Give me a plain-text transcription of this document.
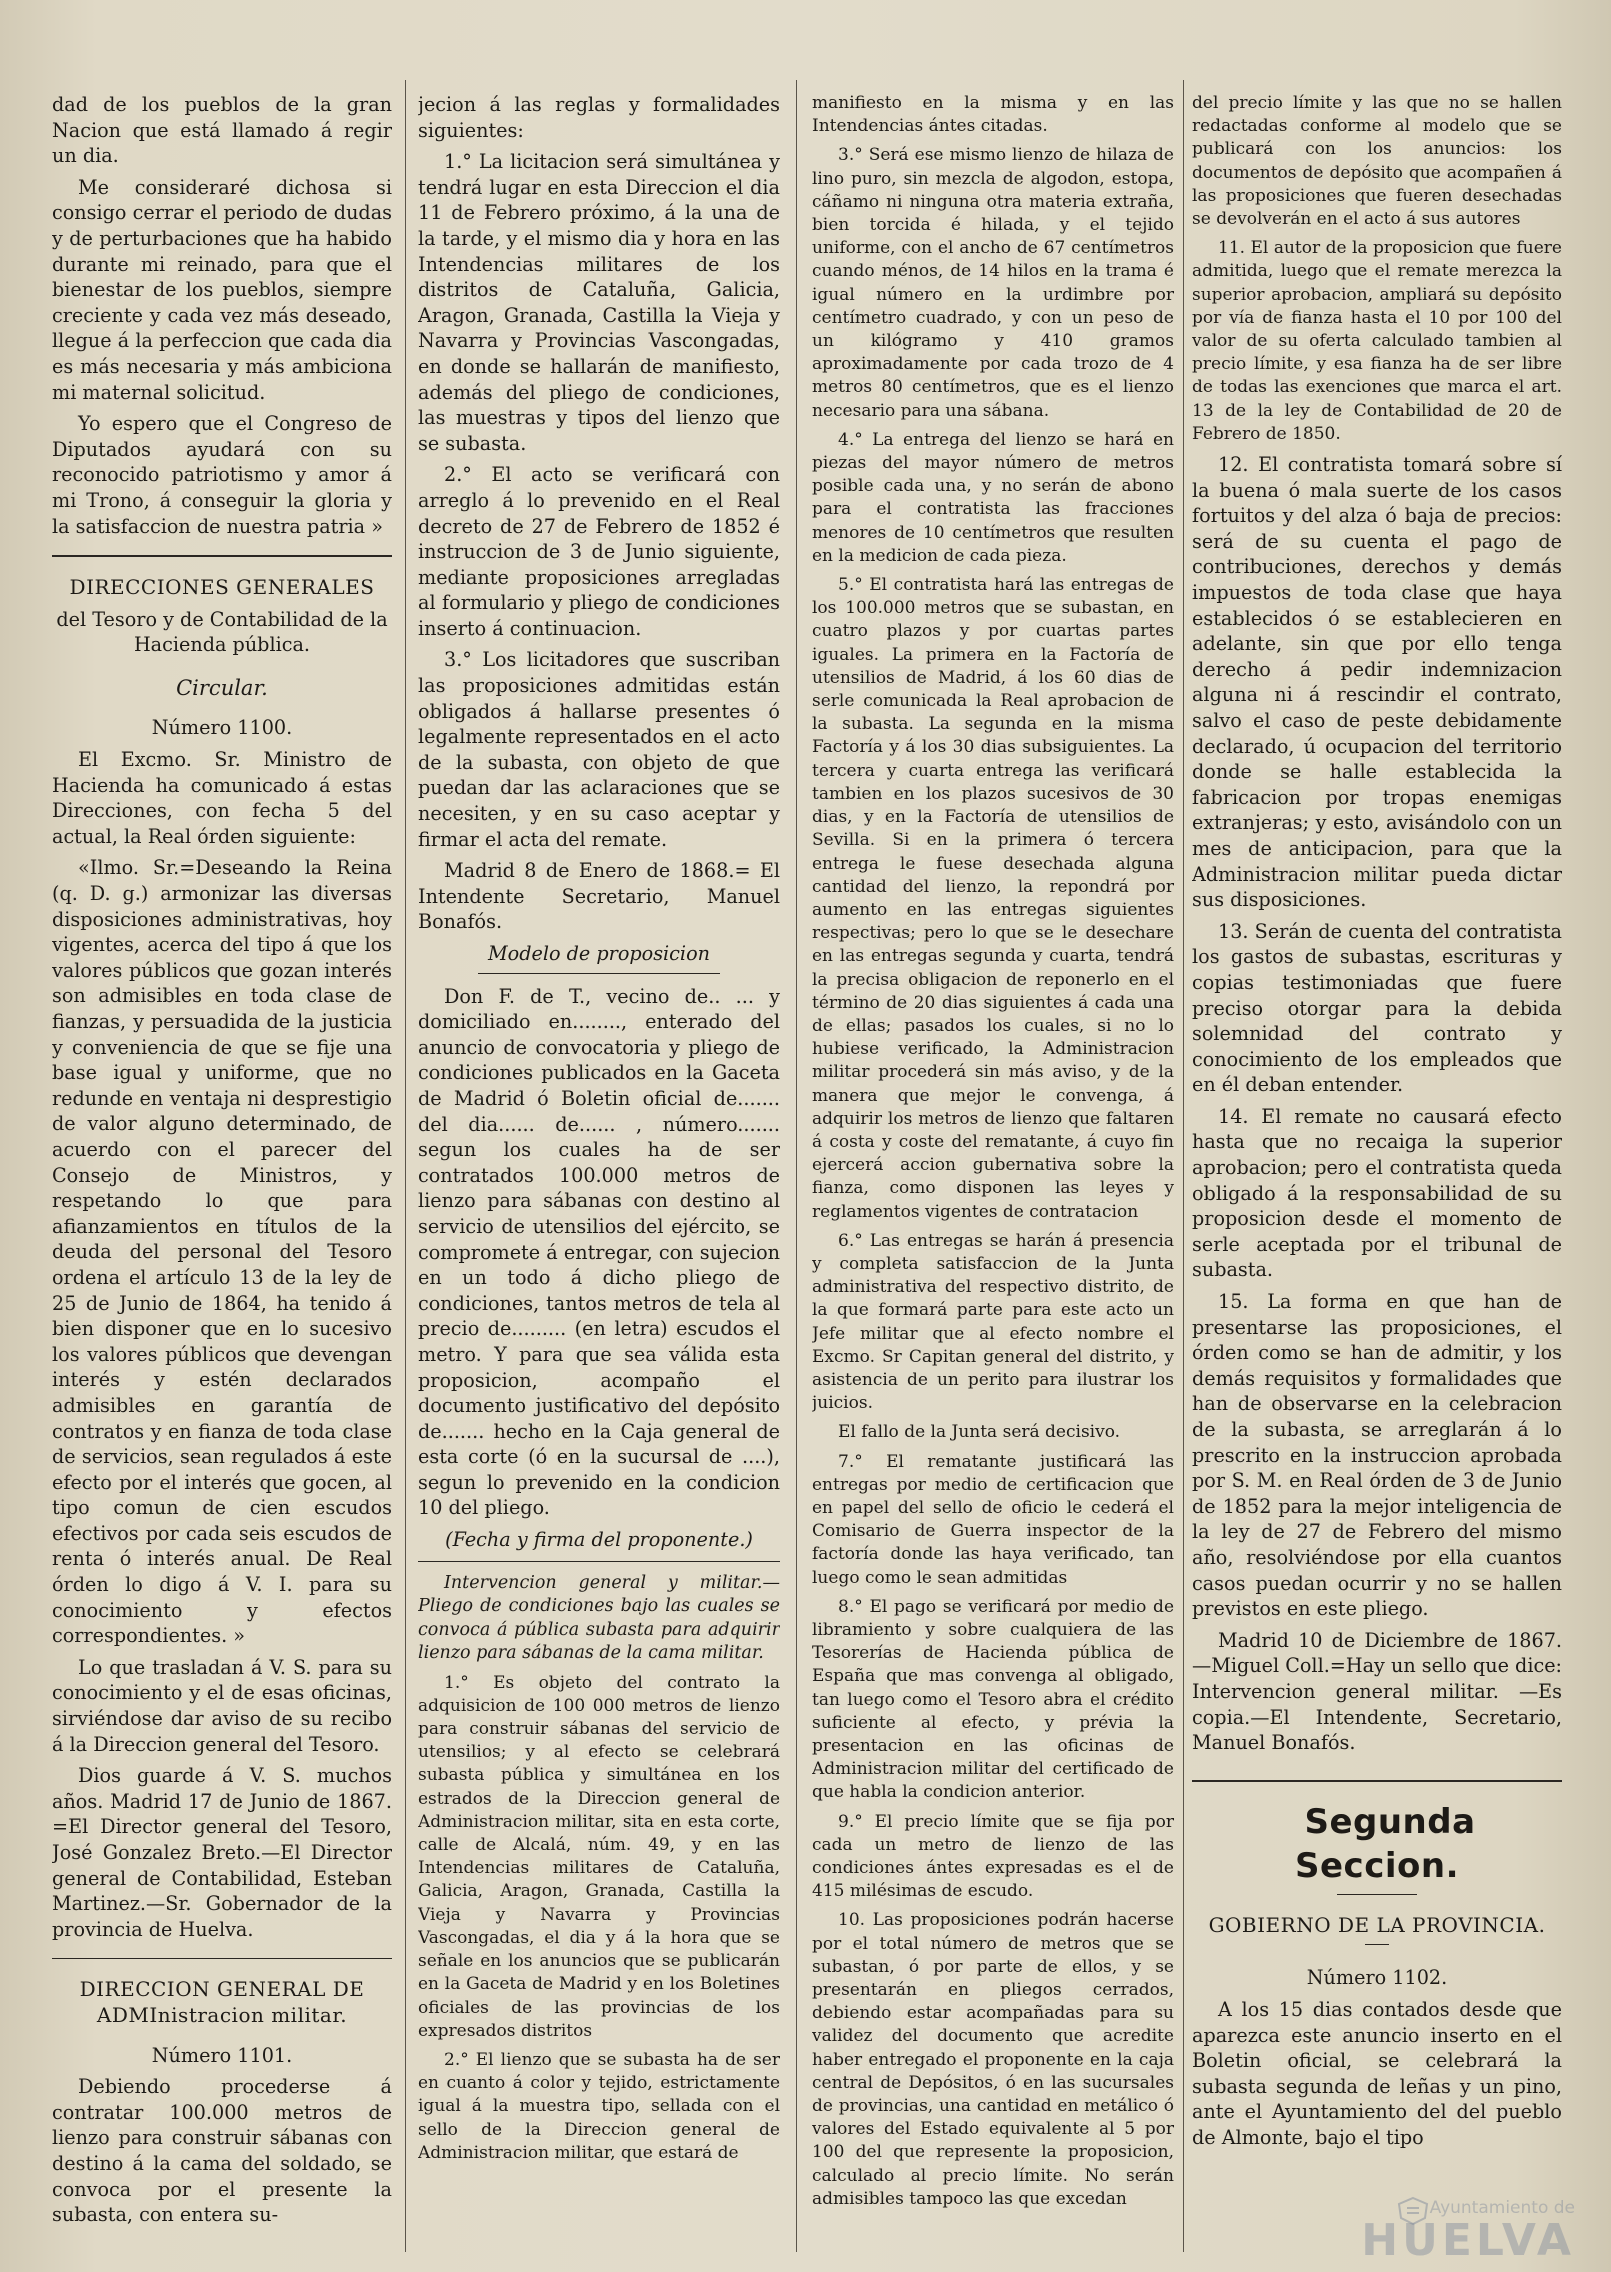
dad de los pueblos de la gran Nacion que está llamado á regir un dia.

Me consideraré dichosa si consigo cerrar el periodo de dudas y de perturbaciones que ha habido durante mi reinado, para que el bienestar de los pueblos, siempre creciente y cada vez más deseado, llegue á la perfeccion que cada dia es más necesaria y más ambiciona mi maternal solicitud.

Yo espero que el Congreso de Diputados ayudará con su reconocido patriotismo y amor á mi Trono, á conseguir la gloria y la satisfaccion de nuestra patria »

DIRECCIONES GENERALES

del Tesoro y de Contabilidad de la Hacienda pública.

Circular.

Número 1100.

El Excmo. Sr. Ministro de Hacienda ha comunicado á estas Direcciones, con fecha 5 del actual, la Real órden siguiente:

«Ilmo. Sr.=Deseando la Reina (q. D. g.) armonizar las diversas disposiciones administrativas, hoy vigentes, acerca del tipo á que los valores públicos que gozan interés son admisibles en toda clase de fianzas, y persuadida de la justicia y conveniencia de que se fije una base igual y uniforme, que no redunde en ventaja ni desprestigio de valor alguno determinado, de acuerdo con el parecer del Consejo de Ministros, y respetando lo que para afianzamientos en títulos de la deuda del personal del Tesoro ordena el artículo 13 de la ley de 25 de Junio de 1864, ha tenido á bien disponer que en lo sucesivo los valores públicos que devengan interés y estén declarados admisibles en garantía de contratos y en fianza de toda clase de servicios, sean regulados á este efecto por el interés que gocen, al tipo comun de cien escudos efectivos por cada seis escudos de renta ó interés anual. De Real órden lo digo á V. I. para su conocimiento y efectos correspondientes. »

Lo que trasladan á V. S. para su conocimiento y el de esas oficinas, sirviéndose dar aviso de su recibo á la Direccion general del Tesoro.

Dios guarde á V. S. muchos años. Madrid 17 de Junio de 1867. =El Director general del Tesoro, José Gonzalez Breto.—El Director general de Contabilidad, Esteban Martinez.—Sr. Gobernador de la provincia de Huelva.

DIRECCION GENERAL DE ADMInistracion militar.

Número 1101.

Debiendo procederse á contratar 100.000 metros de lienzo para construir sábanas con destino á la cama del soldado, se convoca por el presente la subasta, con entera su-

jecion á las reglas y formalidades siguientes:

1.° La licitacion será simultánea y tendrá lugar en esta Direccion el dia 11 de Febrero próximo, á la una de la tarde, y el mismo dia y hora en las Intendencias militares de los distritos de Cataluña, Galicia, Aragon, Granada, Castilla la Vieja y Navarra y Provincias Vascongadas, en donde se hallarán de manifiesto, además del pliego de condiciones, las muestras y tipos del lienzo que se subasta.

2.° El acto se verificará con arreglo á lo prevenido en el Real decreto de 27 de Febrero de 1852 é instruccion de 3 de Junio siguiente, mediante proposiciones arregladas al formulario y pliego de condiciones inserto á continuacion.

3.° Los licitadores que suscriban las proposiciones admitidas están obligados á hallarse presentes ó legalmente representados en el acto de la subasta, con objeto de que puedan dar las aclaraciones que se necesiten, y en su caso aceptar y firmar el acta del remate.

Madrid 8 de Enero de 1868.= El Intendente Secretario, Manuel Bonafós.

Modelo de proposicion

Don F. de T., vecino de.. ... y domiciliado en........, enterado del anuncio de convocatoria y pliego de condiciones publicados en la Gaceta de Madrid ó Boletin oficial de....... del dia...... de...... , número....... segun los cuales ha de ser contratados 100.000 metros de lienzo para sábanas con destino al servicio de utensilios del ejército, se compromete á entregar, con sujecion en un todo á dicho pliego de condiciones, tantos metros de tela al precio de......... (en letra) escudos el metro. Y para que sea válida esta proposicion, acompaño el documento justificativo del depósito de....... hecho en la Caja general de esta corte (ó en la sucursal de ....), segun lo prevenido en la condicion 10 del pliego.

(Fecha y firma del proponente.)

Intervencion general y militar.—Pliego de condiciones bajo las cuales se convoca á pública subasta para adquirir lienzo para sábanas de la cama militar.

1.° Es objeto del contrato la adquisicion de 100 000 metros de lienzo para construir sábanas del servicio de utensilios; y al efecto se celebrará subasta pública y simultánea en los estrados de la Direccion general de Administracion militar, sita en esta corte, calle de Alcalá, núm. 49, y en las Intendencias militares de Cataluña, Galicia, Aragon, Granada, Castilla la Vieja y Navarra y Provincias Vascongadas, el dia y á la hora que se señale en los anuncios que se publicarán en la Gaceta de Madrid y en los Boletines oficiales de las provincias de los expresados distritos

2.° El lienzo que se subasta ha de ser en cuanto á color y tejido, estrictamente igual á la muestra tipo, sellada con el sello de la Direccion general de Administracion militar, que estará de

manifiesto en la misma y en las Intendencias ántes citadas.

3.° Será ese mismo lienzo de hilaza de lino puro, sin mezcla de algodon, estopa, cáñamo ni ninguna otra materia extraña, bien torcida é hilada, y el tejido uniforme, con el ancho de 67 centímetros cuando ménos, de 14 hilos en la trama é igual número en la urdimbre por centímetro cuadrado, y con un peso de un kilógramo y 410 gramos aproximadamente por cada trozo de 4 metros 80 centímetros, que es el lienzo necesario para una sábana.

4.° La entrega del lienzo se hará en piezas del mayor número de metros posible cada una, y no serán de abono para el contratista las fracciones menores de 10 centímetros que resulten en la medicion de cada pieza.

5.° El contratista hará las entregas de los 100.000 metros que se subastan, en cuatro plazos y por cuartas partes iguales. La primera en la Factoría de utensilios de Madrid, á los 60 dias de serle comunicada la Real aprobacion de la subasta. La segunda en la misma Factoría y á los 30 dias subsiguientes. La tercera y cuarta entrega las verificará tambien en los plazos sucesivos de 30 dias, y en la Factoría de utensilios de Sevilla. Si en la primera ó tercera entrega le fuese desechada alguna cantidad del lienzo, la repondrá por aumento en las entregas siguientes respectivas; pero lo que se le desechare en las entregas segunda y cuarta, tendrá la precisa obligacion de reponerlo en el término de 20 dias siguientes á cada una de ellas; pasados los cuales, si no lo hubiese verificado, la Administracion militar procederá sin más aviso, y de la manera que mejor le convenga, á adquirir los metros de lienzo que faltaren á costa y coste del rematante, á cuyo fin ejercerá accion gubernativa sobre la fianza, como disponen las leyes y reglamentos vigentes de contratacion

6.° Las entregas se harán á presencia y completa satisfaccion de la Junta administrativa del respectivo distrito, de la que formará parte para este acto un Jefe militar que al efecto nombre el Excmo. Sr Capitan general del distrito, y asistencia de un perito para ilustrar los juicios.

El fallo de la Junta será decisivo.

7.° El rematante justificará las entregas por medio de certificacion que en papel del sello de oficio le cederá el Comisario de Guerra inspector de la factoría donde las haya verificado, tan luego como le sean admitidas

8.° El pago se verificará por medio de libramiento y sobre cualquiera de las Tesorerías de Hacienda pública de España que mas convenga al obligado, tan luego como el Tesoro abra el crédito suficiente al efecto, y prévia la presentacion en las oficinas de Administracion militar del certificado de que habla la condicion anterior.

9.° El precio límite que se fija por cada un metro de lienzo de las condiciones ántes expresadas es el de 415 milésimas de escudo.

10. Las proposiciones podrán hacerse por el total número de metros que se subastan, ó por parte de ellos, y se presentarán en pliegos cerrados, debiendo estar acompañadas para su validez del documento que acredite haber entregado el proponente en la caja central de Depósitos, ó en las sucursales de provincias, una cantidad en metálico ó valores del Estado equivalente al 5 por 100 del que represente la proposicion, calculado al precio límite. No serán admisibles tampoco las que excedan

del precio límite y las que no se hallen redactadas conforme al modelo que se publicará con los anuncios: los documentos de depósito que acompañen á las proposiciones que fueren desechadas se devolverán en el acto á sus autores

11. El autor de la proposicion que fuere admitida, luego que el remate merezca la superior aprobacion, ampliará su depósito por vía de fianza hasta el 10 por 100 del valor de su oferta calculado tambien al precio límite, y esa fianza ha de ser libre de todas las exenciones que marca el art. 13 de la ley de Contabilidad de 20 de Febrero de 1850.

12. El contratista tomará sobre sí la buena ó mala suerte de los casos fortuitos y del alza ó baja de precios: será de su cuenta el pago de contribuciones, derechos y demás impuestos de toda clase que haya establecidos ó se establecieren en adelante, sin que por ello tenga derecho á pedir indemnizacion alguna ni á rescindir el contrato, salvo el caso de peste debidamente declarado, ú ocupacion del territorio donde se halle establecida la fabricacion por tropas enemigas extranjeras; y esto, avisándolo con un mes de anticipacion, para que la Administracion militar pueda dictar sus disposiciones.

13. Serán de cuenta del contratista los gastos de subastas, escrituras y copias testimoniadas que fuere preciso otorgar para la debida solemnidad del contrato y conocimiento de los empleados que en él deban entender.

14. El remate no causará efecto hasta que no recaiga la superior aprobacion; pero el contratista queda obligado á la responsabilidad de su proposicion desde el momento de serle aceptada por el tribunal de subasta.

15. La forma en que han de presentarse las proposiciones, el órden como se han de admitir, y los demás requisitos y formalidades que han de observarse en la celebracion de la subasta, se arreglarán á lo prescrito en la instruccion aprobada por S. M. en Real órden de 3 de Junio de 1852 para la mejor inteligencia de la ley de 27 de Febrero del mismo año, resolviéndose por ella cuantos casos puedan ocurrir y no se hallen previstos en este pliego.

Madrid 10 de Diciembre de 1867. —Miguel Coll.=Hay un sello que dice: Intervencion general militar. —Es copia.—El Intendente, Secretario, Manuel Bonafós.

Segunda Seccion.

GOBIERNO DE LA PROVINCIA.

Número 1102.

A los 15 dias contados desde que aparezca este anuncio inserto en el Boletin oficial, se celebrará la subasta segunda de leñas y un pino, ante el Ayuntamiento del del pueblo de Almonte, bajo el tipo

Ayuntamiento de
HUELVA
